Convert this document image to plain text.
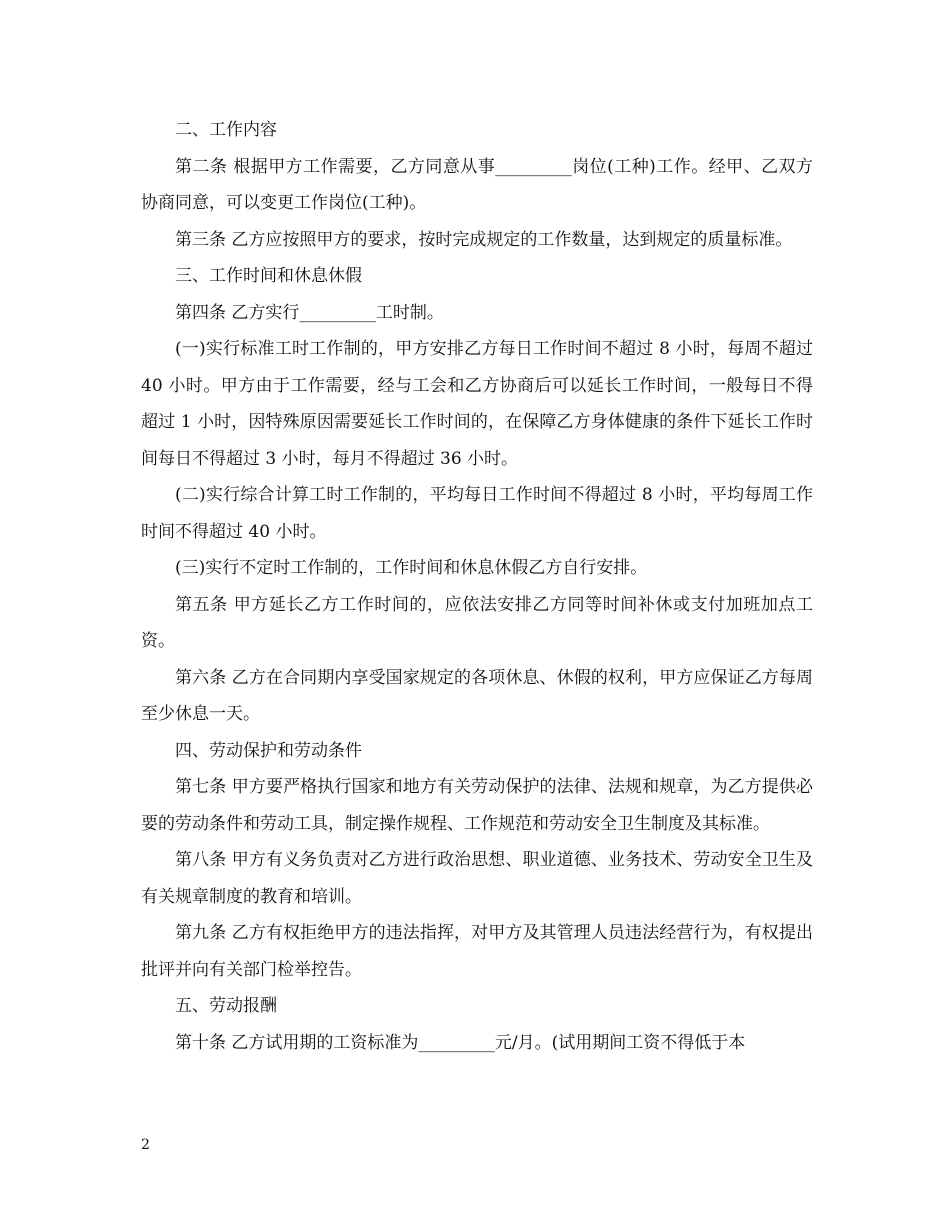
二、工作内容

第二条 根据甲方工作需要，乙方同意从事_________岗位(工种)工作。经甲、乙双方协商同意，可以变更工作岗位(工种)。

第三条 乙方应按照甲方的要求，按时完成规定的工作数量，达到规定的质量标准。

三、工作时间和休息休假

第四条 乙方实行_________工时制。

(一)实行标准工时工作制的，甲方安排乙方每日工作时间不超过 8 小时，每周不超过 40 小时。甲方由于工作需要，经与工会和乙方协商后可以延长工作时间，一般每日不得超过 1 小时，因特殊原因需要延长工作时间的，在保障乙方身体健康的条件下延长工作时间每日不得超过 3 小时，每月不得超过 36 小时。

(二)实行综合计算工时工作制的，平均每日工作时间不得超过 8 小时，平均每周工作时间不得超过 40 小时。

(三)实行不定时工作制的，工作时间和休息休假乙方自行安排。

第五条 甲方延长乙方工作时间的，应依法安排乙方同等时间补休或支付加班加点工资。

第六条 乙方在合同期内享受国家规定的各项休息、休假的权利，甲方应保证乙方每周至少休息一天。

四、劳动保护和劳动条件

第七条 甲方要严格执行国家和地方有关劳动保护的法律、法规和规章，为乙方提供必要的劳动条件和劳动工具，制定操作规程、工作规范和劳动安全卫生制度及其标准。

第八条 甲方有义务负责对乙方进行政治思想、职业道德、业务技术、劳动安全卫生及有关规章制度的教育和培训。

第九条 乙方有权拒绝甲方的违法指挥，对甲方及其管理人员违法经营行为，有权提出批评并向有关部门检举控告。

五、劳动报酬

第十条 乙方试用期的工资标准为_________元/月。(试用期间工资不得低于本

2
